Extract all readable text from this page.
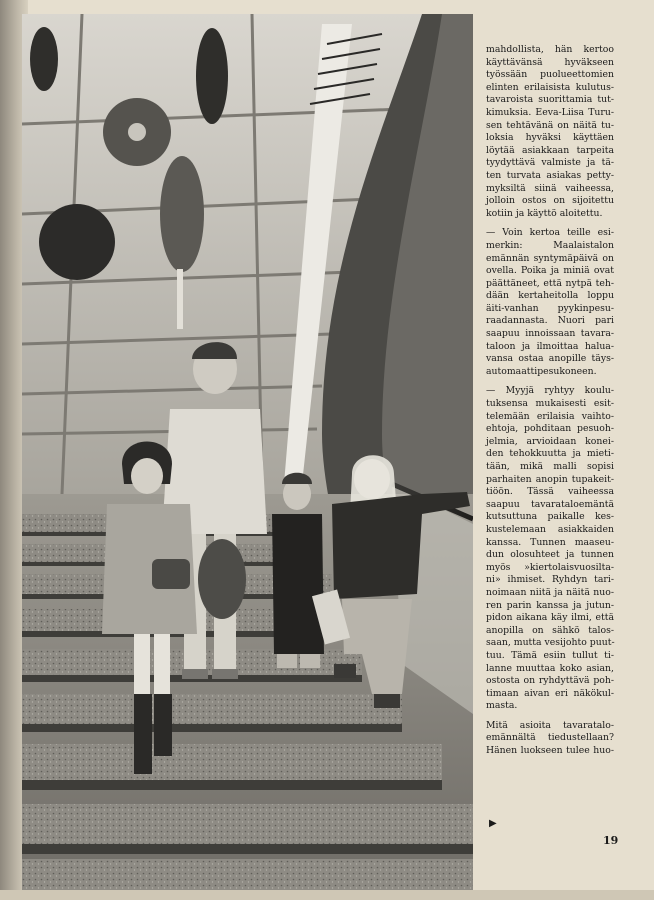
mahdollista, hän kertoo
käyttävänsä hyväkseen
työssään puolueettomien
elinten erilaisista kulutus-
tavaroista suorittamia tut-
kimuksia. Eeva-Liisa Turu-
sen tehtävänä on näitä tu-
loksia hyväksi käyttäen
löytää asiakkaan tarpeita
tyydyttävä valmiste ja tä-
ten turvata asiakas petty-
myksiltä siinä vaiheessa,
jolloin ostos on sijoitettu
kotiin ja käyttö aloitettu.

— Voin kertoa teille esi-
merkin: Maalaistalon
emännän syntymäpäivä on
ovella. Poika ja miniä ovat
päättäneet, että nytpä teh-
dään kertaheitolla loppu
äiti-vanhan pyykinpesu-
raadannasta. Nuori pari
saapuu innoissaan tavara-
taloon ja ilmoittaa halua-
vansa ostaa anopille täys-
automaattipesukoneen.

— Myyjä ryhtyy koulu-
tuksensa mukaisesti esit-
telemään erilaisia vaihto-
ehtoja, pohditaan pesuoh-
jelmia, arvioidaan konei-
den tehokkuutta ja mieti-
tään, mikä malli sopisi
parhaiten anopin tupakeit-
tiöön. Tässä vaiheessa
saapuu tavarataloemäntä
kutsuttuna paikalle kes-
kustelemaan asiakkaiden
kanssa. Tunnen maaseu-
dun olosuhteet ja tunnen
myös »kiertolaisvuosilta-
ni» ihmiset. Ryhdyn tari-
noimaan niitä ja näitä nuo-
ren parin kanssa ja jutun-
pidon aikana käy ilmi, että
anopilla on sähkö talos-
saan, mutta vesijohto puut-
tuu. Tämä esiin tullut ti-
lanne muuttaa koko asian,
ostosta on ryhdyttävä poh-
timaan aivan eri näkökul-
masta.

Mitä asioita tavaratalo-
emännältä tiedustellaan?
Hänen luokseen tulee huo-

▶
19
